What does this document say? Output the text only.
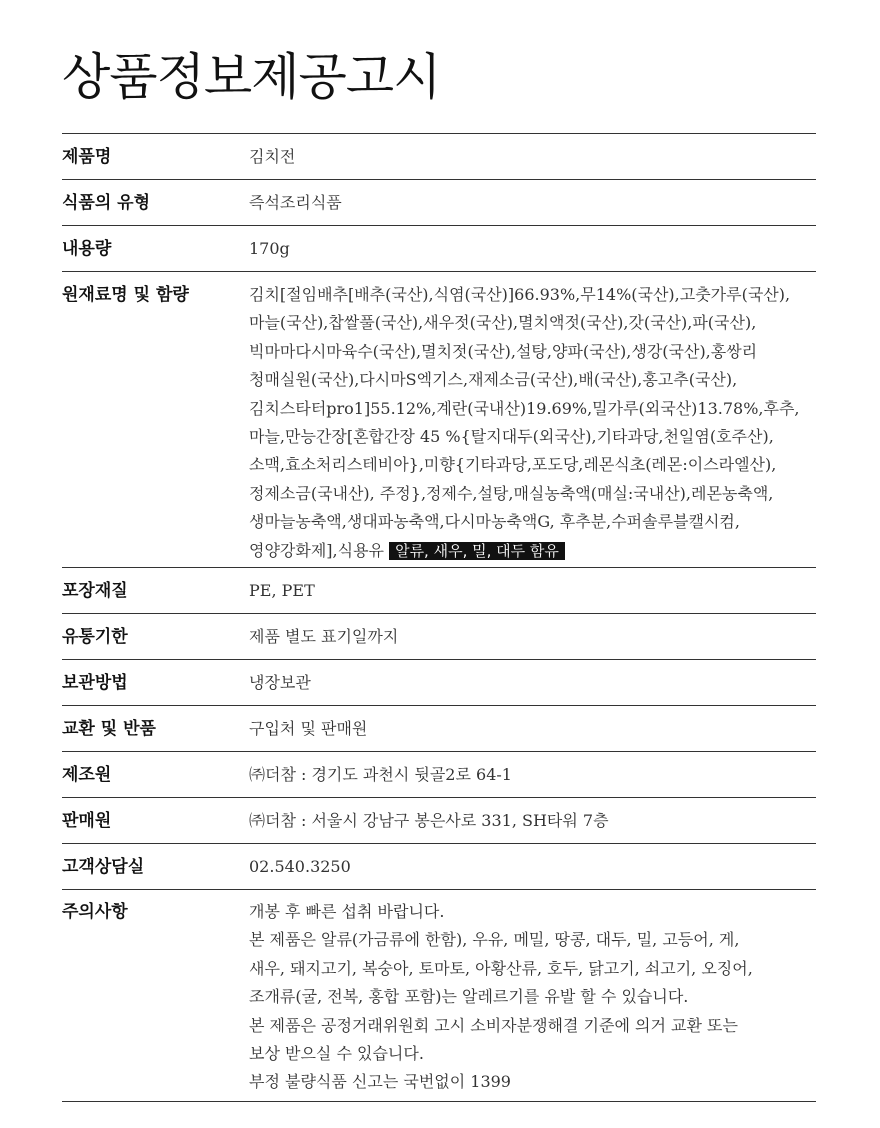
상품정보제공고시
제품명	김치전
식품의 유형	즉석조리식품
내용량	170g
원재료명 및 함량	김치[절임배추[배추(국산),식염(국산)]66.93%,무14%(국산),고춧가루(국산),
마늘(국산),찹쌀풀(국산),새우젓(국산),멸치액젓(국산),갓(국산),파(국산),
빅마마다시마육수(국산),멸치젓(국산),설탕,양파(국산),생강(국산),홍쌍리
청매실원(국산),다시마S엑기스,재제소금(국산),배(국산),홍고추(국산),
김치스타터pro1]55.12%,계란(국내산)19.69%,밀가루(외국산)13.78%,후추,
마늘,만능간장[혼합간장 45 %{탈지대두(외국산),기타과당,천일염(호주산),
소맥,효소처리스테비아},미향{기타과당,포도당,레몬식초(레몬:이스라엘산),
정제소금(국내산), 주정},정제수,설탕,매실농축액(매실:국내산),레몬농축액,
생마늘농축액,생대파농축액,다시마농축액G, 후추분,수퍼솔루블캘시컴,
영양강화제],식용유 알류, 새우, 밀, 대두 함유
포장재질	PE, PET
유통기한	제품 별도 표기일까지
보관방법	냉장보관
교환 및 반품	구입처 및 판매원
제조원	㈜더참 : 경기도 과천시 뒷골2로 64-1
판매원	㈜더참 : 서울시 강남구 봉은사로 331, SH타워 7층
고객상담실	02.540.3250
주의사항	개봉 후 빠른 섭취 바랍니다.
본 제품은 알류(가금류에 한함), 우유, 메밀, 땅콩, 대두, 밀, 고등어, 게,
새우, 돼지고기, 복숭아, 토마토, 아황산류, 호두, 닭고기, 쇠고기, 오징어,
조개류(굴, 전복, 홍합 포함)는 알레르기를 유발 할 수 있습니다.
본 제품은 공정거래위원회 고시 소비자분쟁해결 기준에 의거 교환 또는
보상 받으실 수 있습니다.
부정 불량식품 신고는 국번없이 1399
